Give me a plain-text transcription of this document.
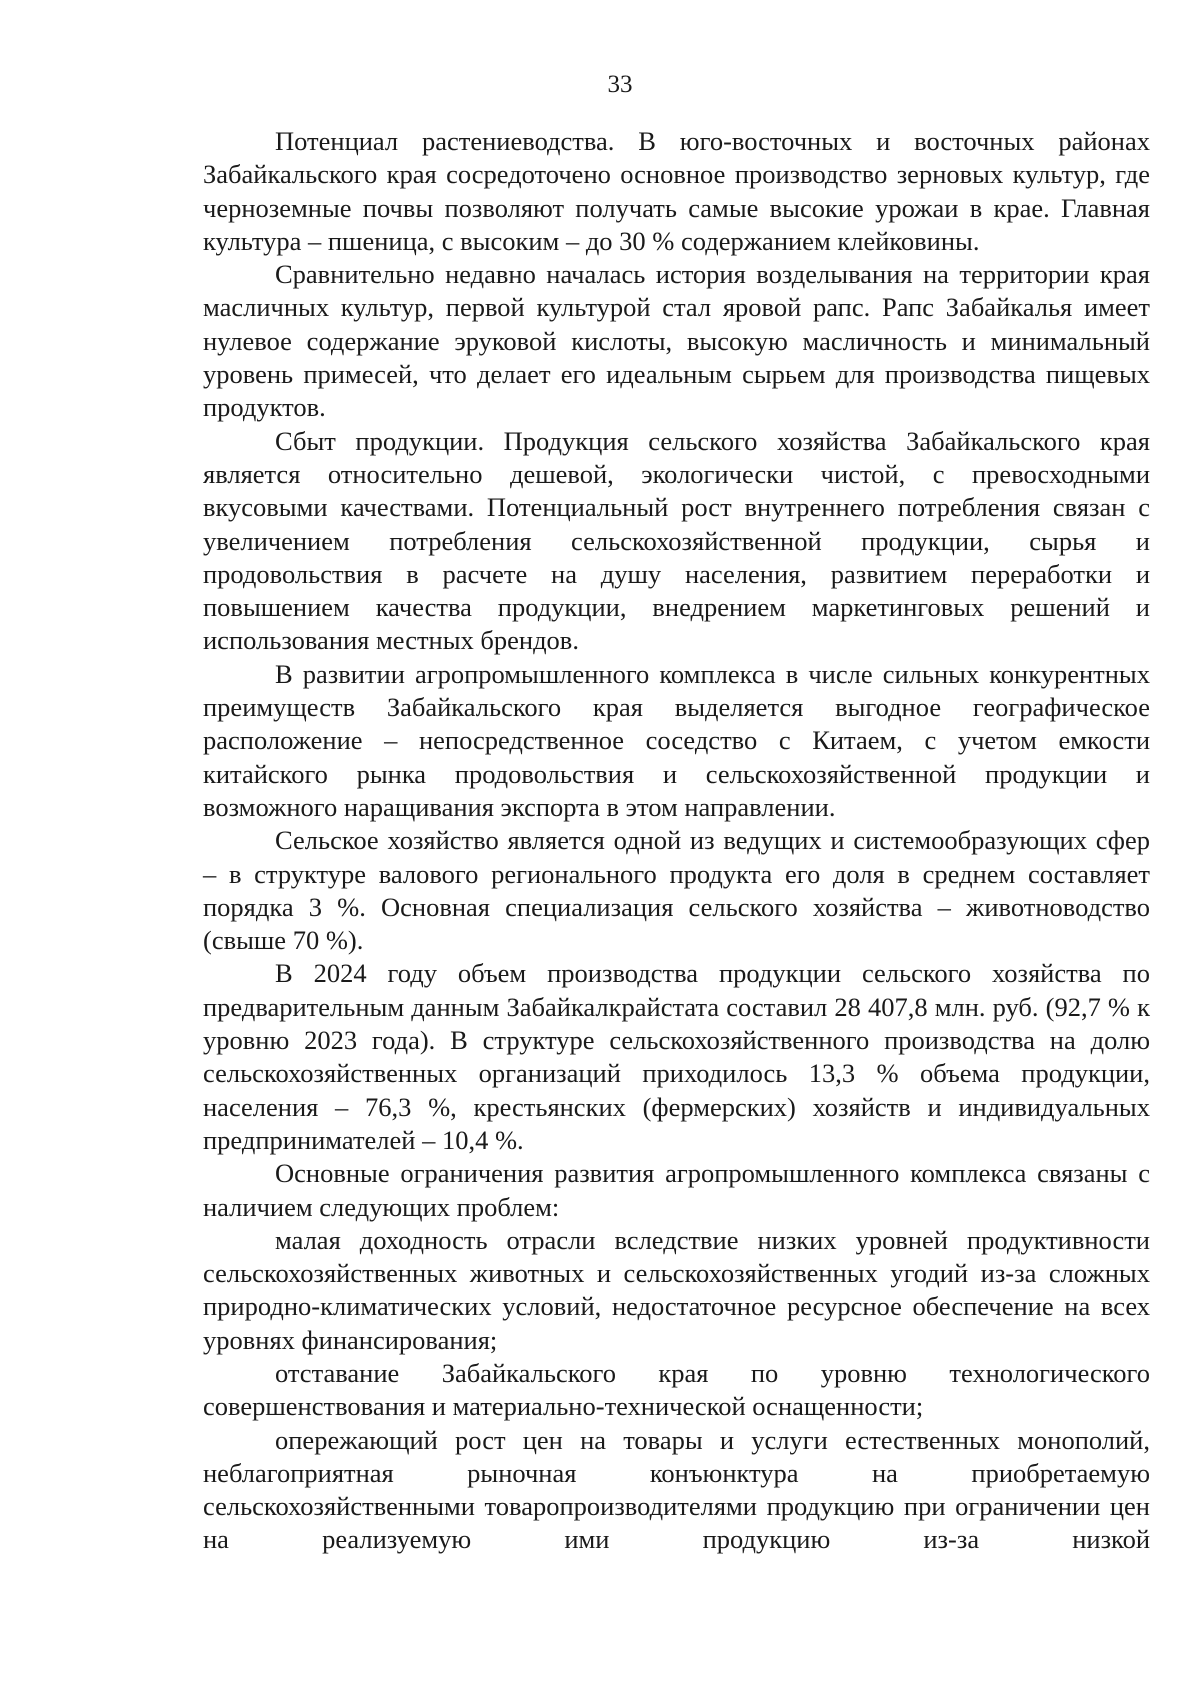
33

Потенциал растениеводства. В юго-восточных и восточных районах Забайкальского края сосредоточено основное производство зерновых культур, где черноземные почвы позволяют получать самые высокие урожаи в крае. Главная культура – пшеница, с высоким – до 30 % содержанием клейковины.

Сравнительно недавно началась история возделывания на территории края масличных культур, первой культурой стал яровой рапс. Рапс Забайкалья имеет нулевое содержание эруковой кислоты, высокую масличность и минимальный уровень примесей, что делает его идеальным сырьем для производства пищевых продуктов.

Сбыт продукции. Продукция сельского хозяйства Забайкальского края является относительно дешевой, экологически чистой, с превосходными вкусовыми качествами. Потенциальный рост внутреннего потребления связан с увеличением потребления сельскохозяйственной продукции, сырья и продовольствия в расчете на душу населения, развитием переработки и повышением качества продукции, внедрением маркетинговых решений и использования местных брендов.

В развитии агропромышленного комплекса в числе сильных конкурентных преимуществ Забайкальского края выделяется выгодное географическое расположение – непосредственное соседство с Китаем, с учетом емкости китайского рынка продовольствия и сельскохозяйственной продукции и возможного наращивания экспорта в этом направлении.

Сельское хозяйство является одной из ведущих и системообразующих сфер – в структуре валового регионального продукта его доля в среднем составляет порядка 3 %. Основная специализация сельского хозяйства – животноводство (свыше 70 %).

В 2024 году объем производства продукции сельского хозяйства по предварительным данным Забайкалкрайстата составил 28 407,8 млн. руб. (92,7 % к уровню 2023 года). В структуре сельскохозяйственного производства на долю сельскохозяйственных организаций приходилось 13,3 % объема продукции, населения – 76,3 %, крестьянских (фермерских) хозяйств и индивидуальных предпринимателей – 10,4 %.

Основные ограничения развития агропромышленного комплекса связаны с наличием следующих проблем:

малая доходность отрасли вследствие низких уровней продуктивности сельскохозяйственных животных и сельскохозяйственных угодий из-за сложных природно-климатических условий, недостаточное ресурсное обеспечение на всех уровнях финансирования;

отставание Забайкальского края по уровню технологического совершенствования и материально-технической оснащенности;

опережающий рост цен на товары и услуги естественных монополий, неблагоприятная рыночная конъюнктура на приобретаемую сельскохозяйственными товаропроизводителями продукцию при ограничении цен на реализуемую ими продукцию из-за низкой
